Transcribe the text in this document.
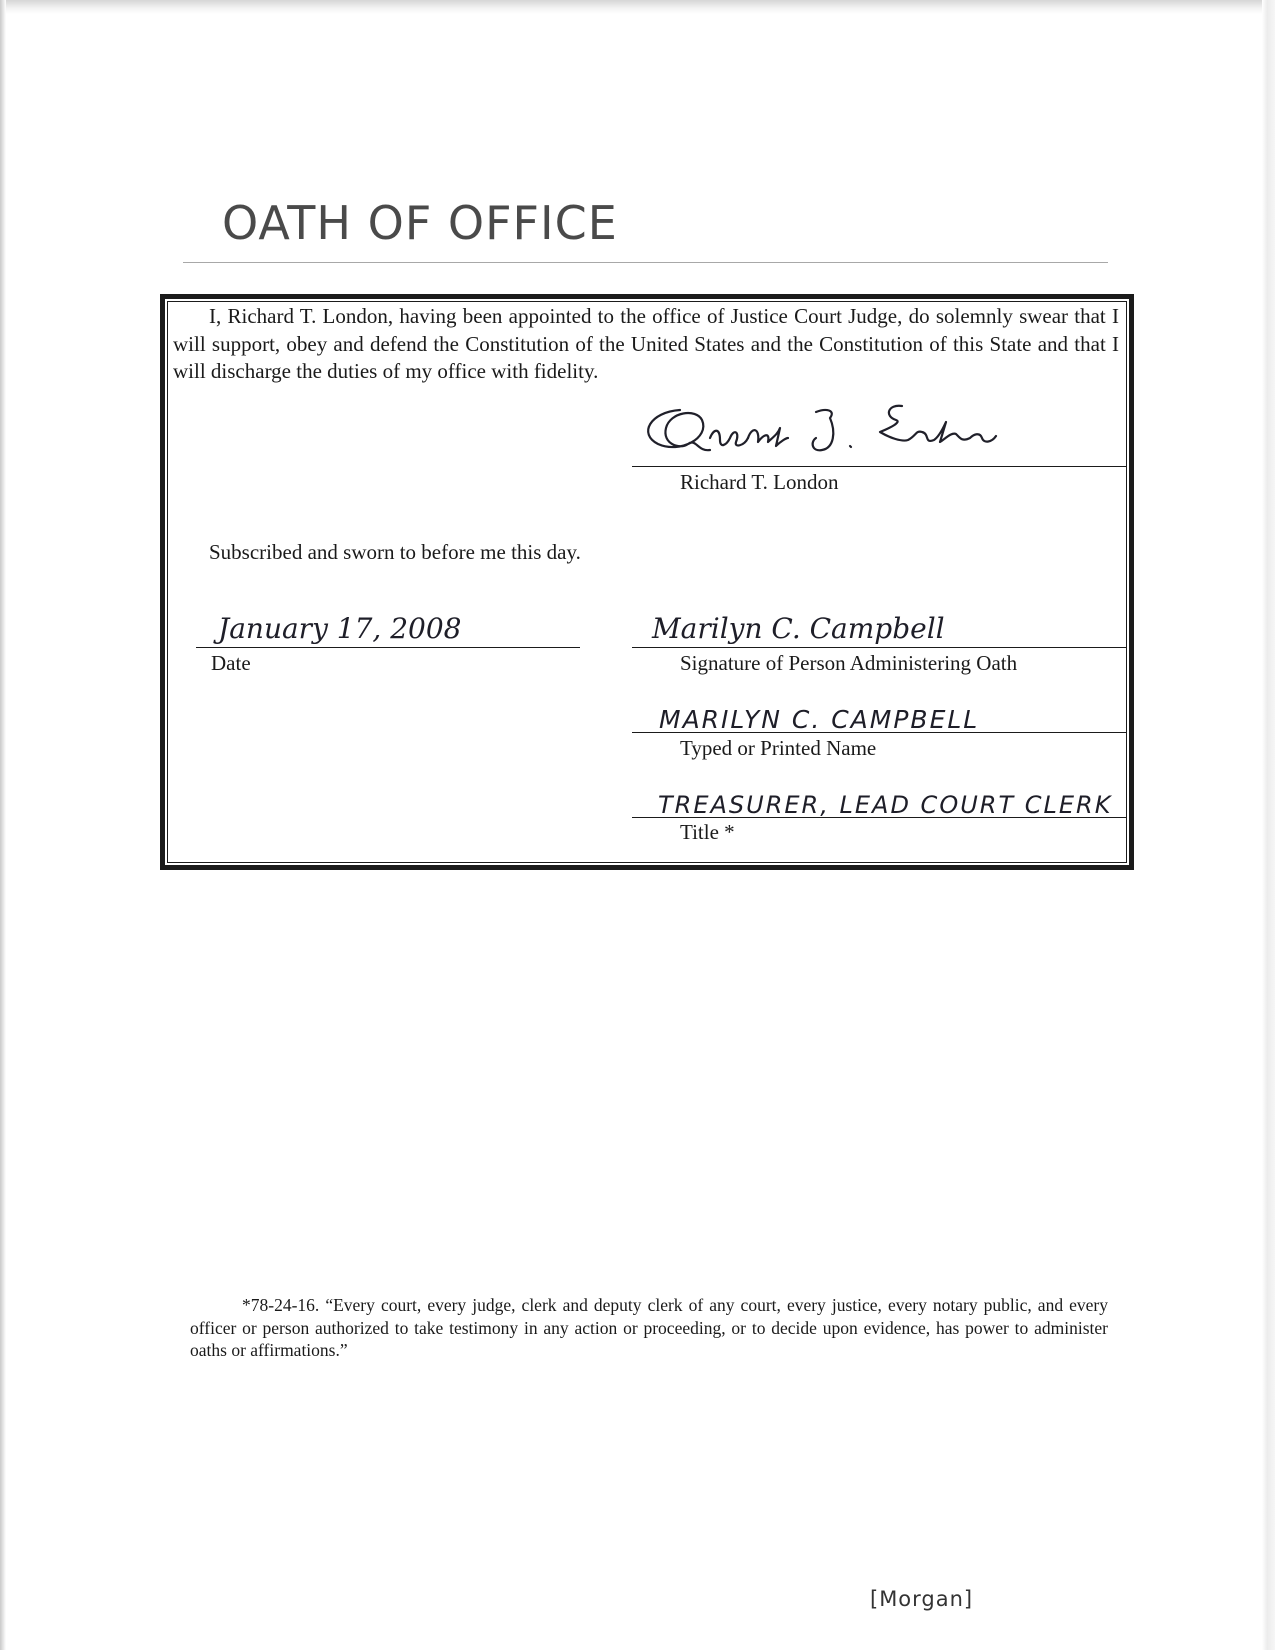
OATH OF OFFICE

I, Richard T. London, having been appointed to the office of Justice Court Judge, do solemnly swear that I will support, obey and defend the Constitution of the United States and the Constitution of this State and that I will discharge the duties of my office with fidelity.

Richard T. London

Subscribed and sworn to before me this day.

January 17, 2008
Date
Marilyn C. Campbell
Signature of Person Administering Oath
MARILYN C. CAMPBELL
Typed or Printed Name
TREASURER, LEAD COURT CLERK
Title *

*78-24-16. “Every court, every judge, clerk and deputy clerk of any court, every justice, every notary public, and every officer or person authorized to take testimony in any action or proceeding, or to decide upon evidence, has power to administer oaths or affirmations.”

[Morgan]
